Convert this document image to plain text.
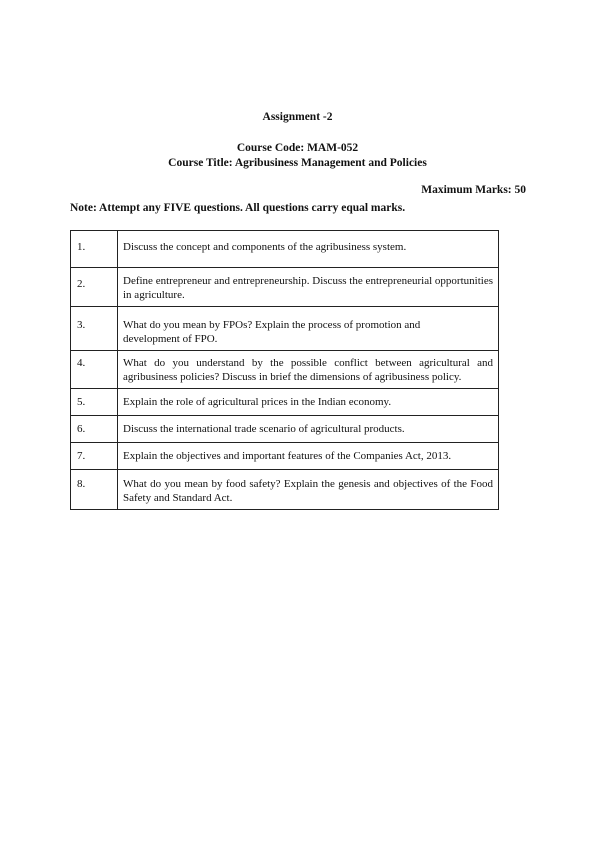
Assignment -2
Course Code: MAM-052
Course Title: Agribusiness Management and Policies
Maximum Marks: 50
Note: Attempt any FIVE questions. All questions carry equal marks.
1.	Discuss the concept and components of the agribusiness system.
2.	Define entrepreneur and entrepreneurship. Discuss the entrepreneurial opportunities in agriculture.
3.	What do you mean by FPOs? Explain the process of promotion and development of FPO.
4.	What do you understand by the possible conflict between agricultural and agribusiness policies? Discuss in brief the dimensions of agribusiness policy.
5.	Explain the role of agricultural prices in the Indian economy.
6.	Discuss the international trade scenario of agricultural products.
7.	Explain the objectives and important features of the Companies Act, 2013.
8.	What do you mean by food safety? Explain the genesis and objectives of the Food Safety and Standard Act.
